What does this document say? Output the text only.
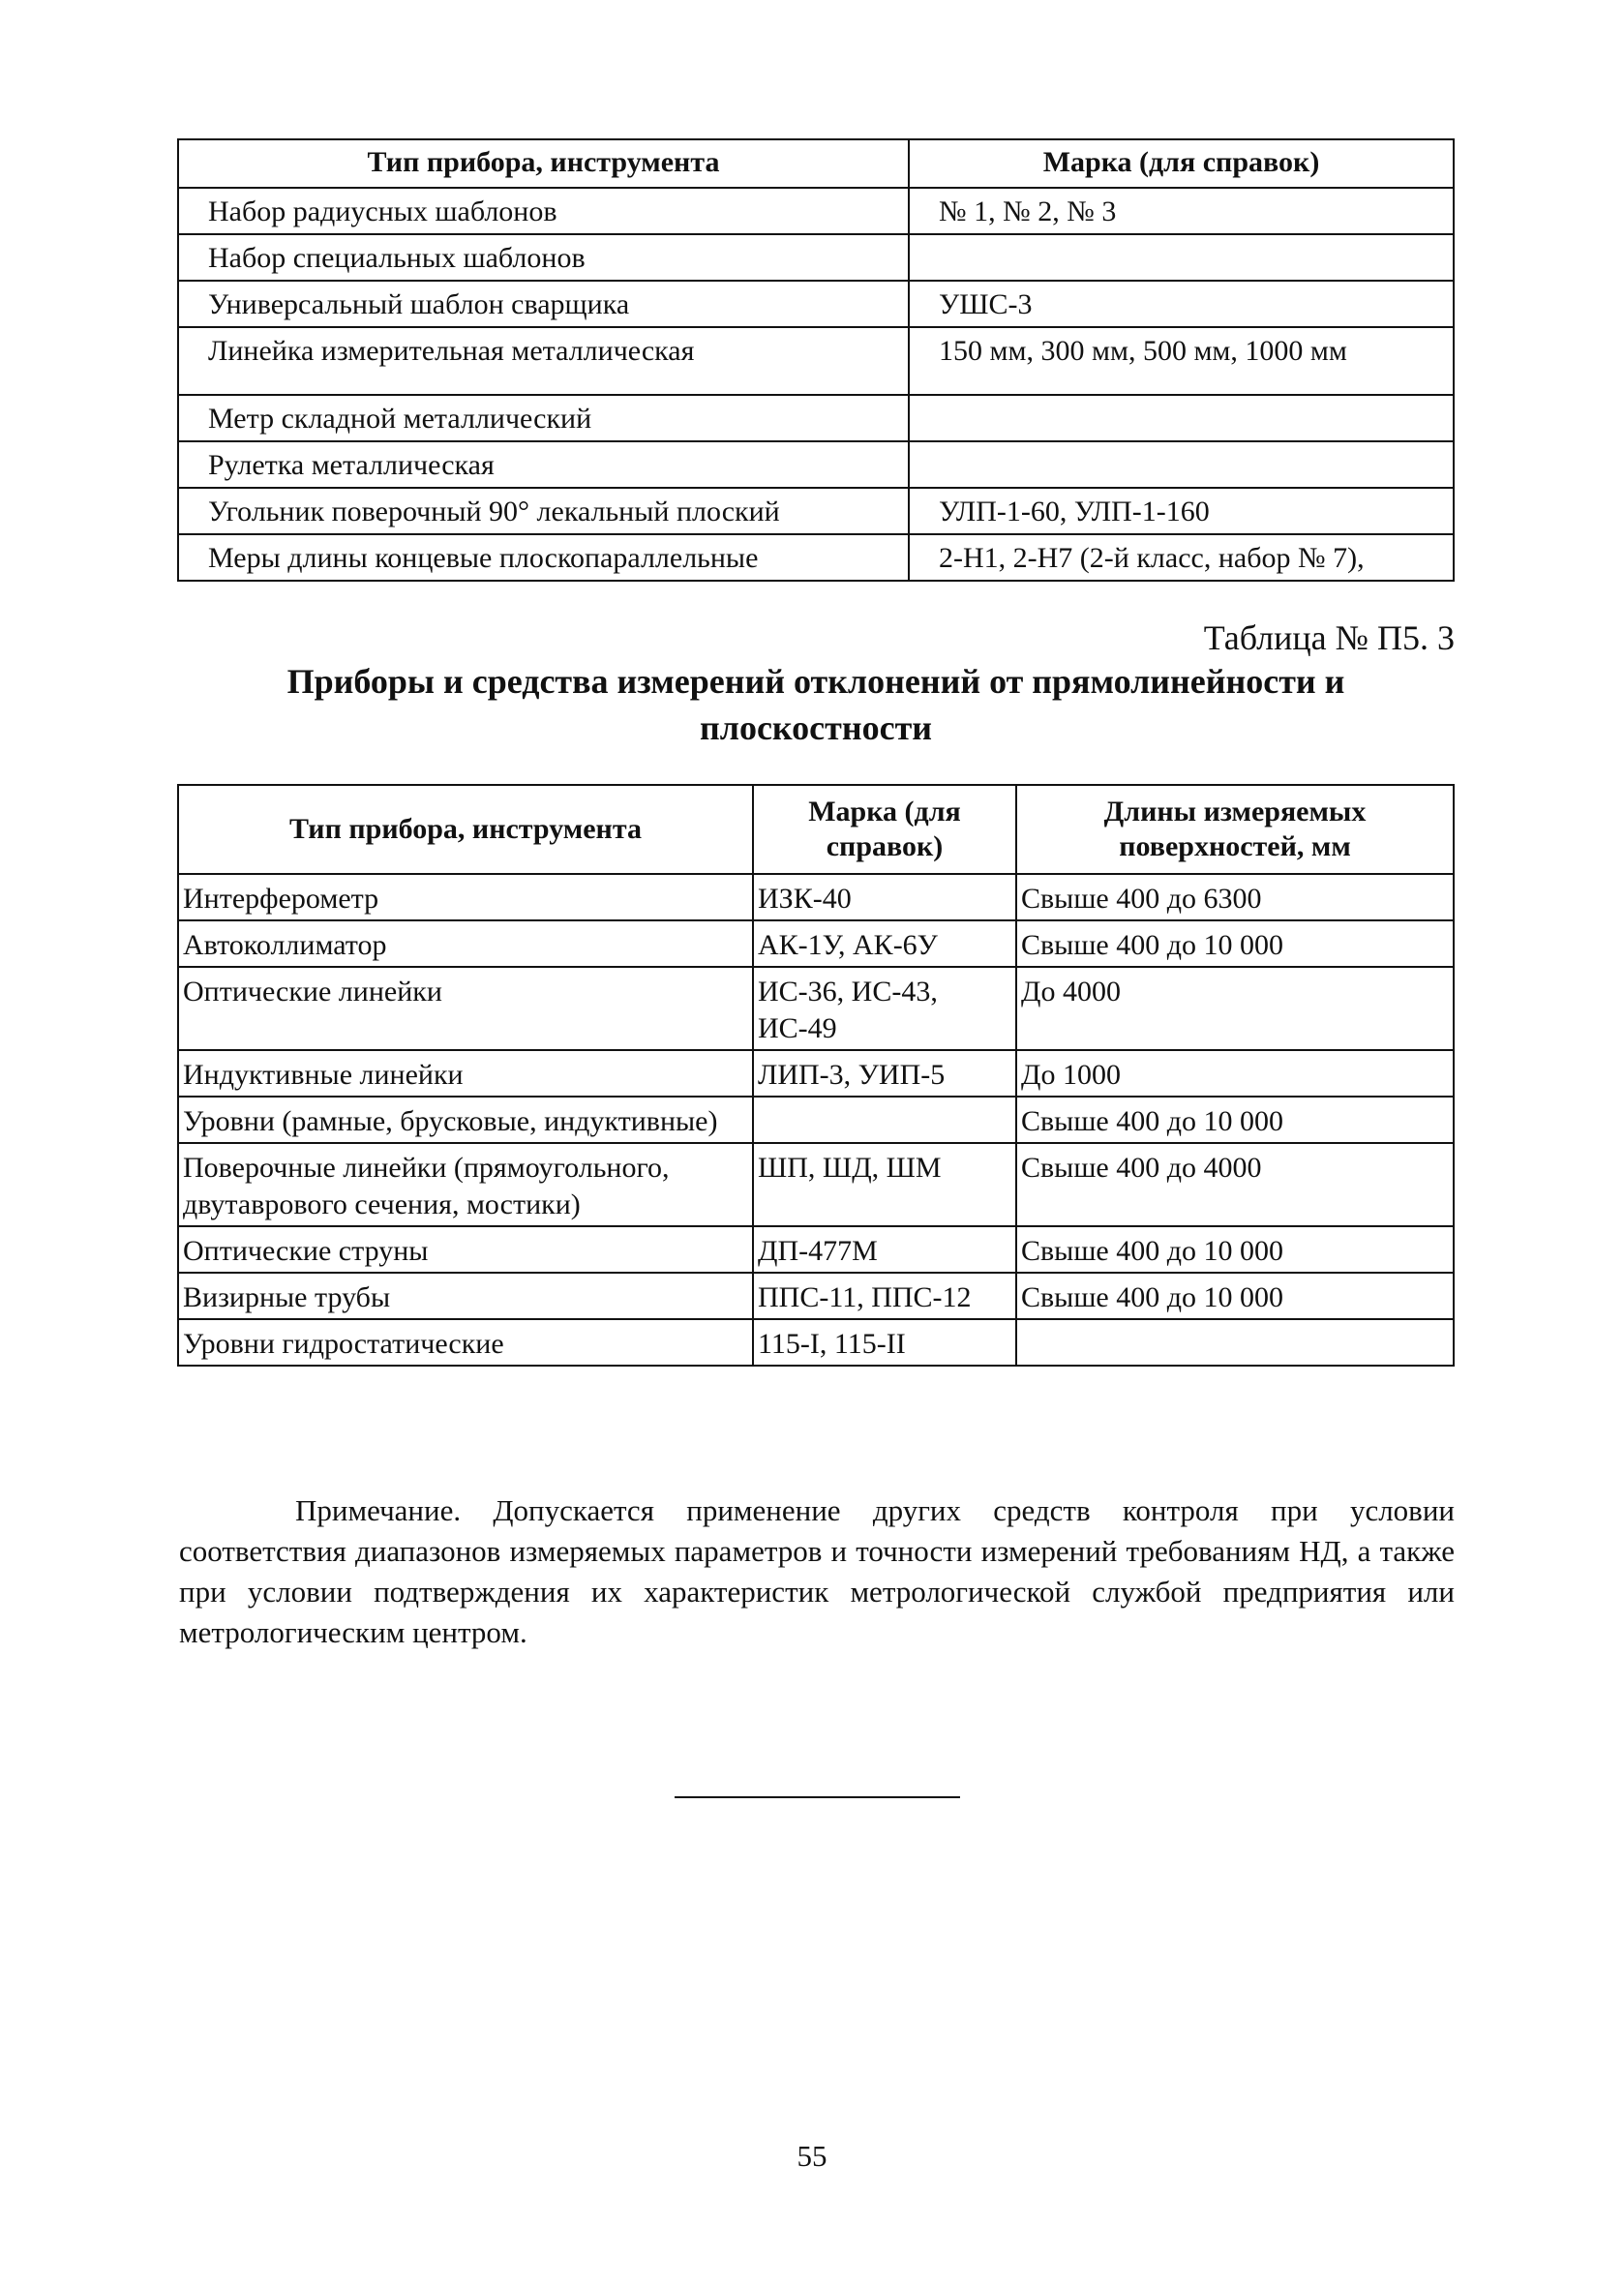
Тип прибора, инструмента	Марка (для справок)
Набор радиусных шаблонов	№ 1, № 2, № 3
Набор специальных шаблонов	
Универсальный шаблон сварщика	УШС-3
Линейка измерительная металлическая	150 мм, 300 мм, 500 мм, 1000 мм
Метр складной металлический	
Рулетка металлическая	
Угольник поверочный 90° лекальный плоский	УЛП-1-60, УЛП-1-160
Меры длины концевые плоскопараллельные	2-Н1, 2-Н7 (2-й класс, набор № 7),
Таблица № П5. 3
Приборы и средства измерений отклонений от прямолинейности и плоскостности
Тип прибора, инструмента	Марка (для справок)	Длины измеряемых поверхностей, мм
Интерферометр	ИЗК-40	Свыше 400 до 6300
Автоколлиматор	АК-1У, АК-6У	Свыше 400 до 10 000
Оптические линейки	ИС-36, ИС-43, ИС-49	До 4000
Индуктивные линейки	ЛИП-3, УИП-5	До 1000
Уровни (рамные, брусковые, индуктивные)		Свыше 400 до 10 000
Поверочные линейки (прямоугольного, двутаврового сечения, мостики)	ШП, ШД, ШМ	Свыше 400 до 4000
Оптические струны	ДП-477М	Свыше 400 до 10 000
Визирные трубы	ППС-11, ППС-12	Свыше 400 до 10 000
Уровни гидростатические	115-I, 115-II	
Примечание. Допускается применение других средств контроля при условии соответствия диапазонов измеряемых параметров и точности измерений требованиям НД, а также при условии подтверждения их характеристик метрологической службой предприятия или метрологическим центром.
55
